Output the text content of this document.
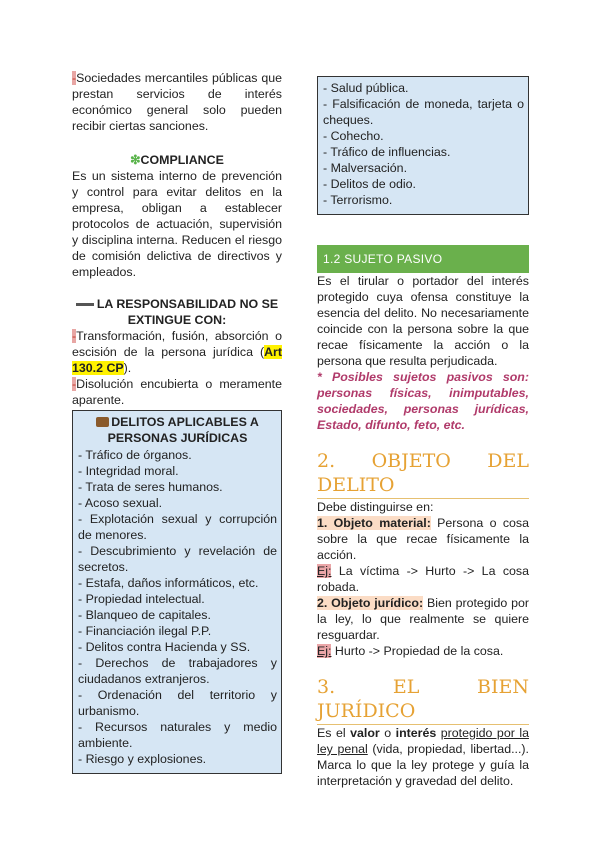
-Sociedades mercantiles públicas que prestan servicios de interés económico general solo pueden recibir ciertas sanciones.

❇COMPLIANCE

Es un sistema interno de prevención y control para evitar delitos en la empresa, obligan a establecer protocolos de actuación, supervisión y disciplina interna. Reducen el riesgo de comisión delictiva de directivos y empleados.

LA RESPONSABILIDAD NO SE EXTINGUE CON:

-Transformación, fusión, absorción o escisión de la persona jurídica (Art 130.2 CP).

-Disolución encubierta o meramente aparente.

DELITOS APLICABLES A PERSONAS JURÍDICAS

- Tráfico de órganos.

- Integridad moral.

- Trata de seres humanos.

- Acoso sexual.

- Explotación sexual y corrupción de menores.

- Descubrimiento y revelación de secretos.

- Estafa, daños informáticos, etc.

- Propiedad intelectual.

- Blanqueo de capitales.

- Financiación ilegal P.P.

- Delitos contra Hacienda y SS.

- Derechos de trabajadores y ciudadanos extranjeros.

- Ordenación del territorio y urbanismo.

- Recursos naturales y medio ambiente.

- Riesgo y explosiones.

- Salud pública.

- Falsificación de moneda, tarjeta o cheques.

- Cohecho.

- Tráfico de influencias.

- Malversación.

- Delitos de odio.

- Terrorismo.

1.2 SUJETO PASIVO

Es el tirular o portador del interés protegido cuya ofensa constituye la esencia del delito. No necesariamente coincide con la persona sobre la que recae físicamente la acción o la persona que resulta perjudicada.

* Posibles sujetos pasivos son: personas físicas, inimputables, sociedades, personas jurídicas, Estado, difunto, feto, etc.

2. OBJETO DEL DELITO

Debe distinguirse en:

1. Objeto material: Persona o cosa sobre la que recae físicamente la acción.

Ej: La víctima -> Hurto -> La cosa robada.

2. Objeto jurídico: Bien protegido por la ley, lo que realmente se quiere resguardar.

Ej: Hurto -> Propiedad de la cosa.

3. EL BIEN JURÍDICO

Es el valor o interés protegido por la ley penal (vida, propiedad, libertad...). Marca lo que la ley protege y guía la interpretación y gravedad del delito.
